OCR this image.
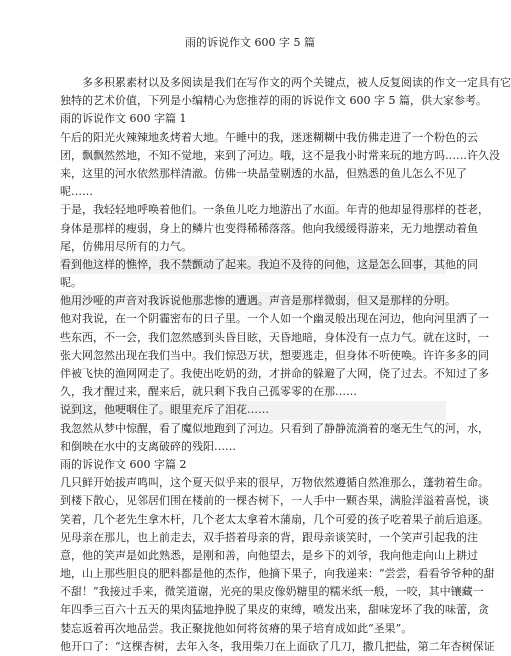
雨的诉说作文 600 字 5 篇
多多积累素材以及多阅读是我们在写作文的两个关键点，被人反复阅读的作文一定具有它
独特的艺术价值，下列是小编精心为您推荐的雨的诉说作文 600 字 5 篇，供大家参考。
雨的诉说作文 600 字篇 1
午后的阳光火辣辣地炙烤着大地。午睡中的我，迷迷糊糊中我仿佛走进了一个粉色的云
团，飘飘然然地，不知不觉地，来到了河边。哦，这不是我小时常来玩的地方吗……许久没
来，这里的河水依然那样清澈。仿佛一块晶莹剔透的水晶，但熟悉的鱼儿怎么不见了
呢……
于是，我轻轻地呼唤着他们。一条鱼儿吃力地游出了水面。年青的他却显得那样的苍老，
身体是那样的瘦弱，身上的鳞片也变得稀稀落落。他向我缓缓得游来，无力地摆动着鱼
尾，仿佛用尽所有的力气。
看到他这样的憔悴，我不禁颤动了起来。我迫不及待的问他，这是怎么回事，其他的同
呢。
他用沙哑的声音对我诉说他那悲惨的遭遇。声音是那样微弱，但又是那样的分明。
他对我说，在一个阴霾密布的日子里。一个人如一个幽灵般出现在河边，他向河里洒了一
些东西，不一会，我们忽然感到头昏目眩，天昏地暗，身体没有一点力气。就在这时，一
张大网忽然出现在我们当中。我们惊恐万状，想要逃走，但身体不听使唤。许许多多的同
伴被飞快的渔网网走了。我使出吃奶的劲，才拼命的躲避了大网，侥了过去。不知过了多
久，我才醒过来，醒来后，就只剩下我自己孤零零的在那……
说到这，他哽咽住了。眼里充斥了泪花……
我忽然从梦中惊醒，看了魔似地跑到了河边。只看到了静静流淌着的毫无生气的河，水，
和倒映在水中的支离破碎的残阳……
雨的诉说作文 600 字篇 2
几只鲜开始拔声鸣叫，这个夏天似乎来的很早，万物依然遵循自然准那么，蓬勃着生命。
到楼下散心，见邻居们围在楼前的一棵杏树下，一人手中一颗杏果，满脸洋溢着喜悦，谈
笑着，几个老先生拿木杆，几个老太太拿着木蒲扇，几个可爱的孩子吃着果子前后追逐。
见母亲在那儿，也上前走去，双手搭着母亲的背，跟母亲谈笑时，一个笑声引起我的注
意，他的笑声是如此熟悉，是刚和善，向他望去，是乡下的刘爷，我向他走向山上耕过
地，山上那些胆良的肥料都是他的杰作，他摘下果子，向我递来：“尝尝，看看爷爷种的甜
不甜！”我接过手来，微笑道谢，光亮的果皮像奶糖里的糯米纸一般，一咬，其中镶藏一
年四季三百六十五天的果肉猛地挣脱了果皮的束缚，喷发出来，甜味宠坏了我的味蕾，贪
婪忘返着再次地品尝。我正聚拢他如何将贫瘠的果子培育成如此“圣果”。
他开口了：“这棵杏树，去年入冬，我用柴刀在上面砍了几刀，撒几把盐，第二年杏树保证
